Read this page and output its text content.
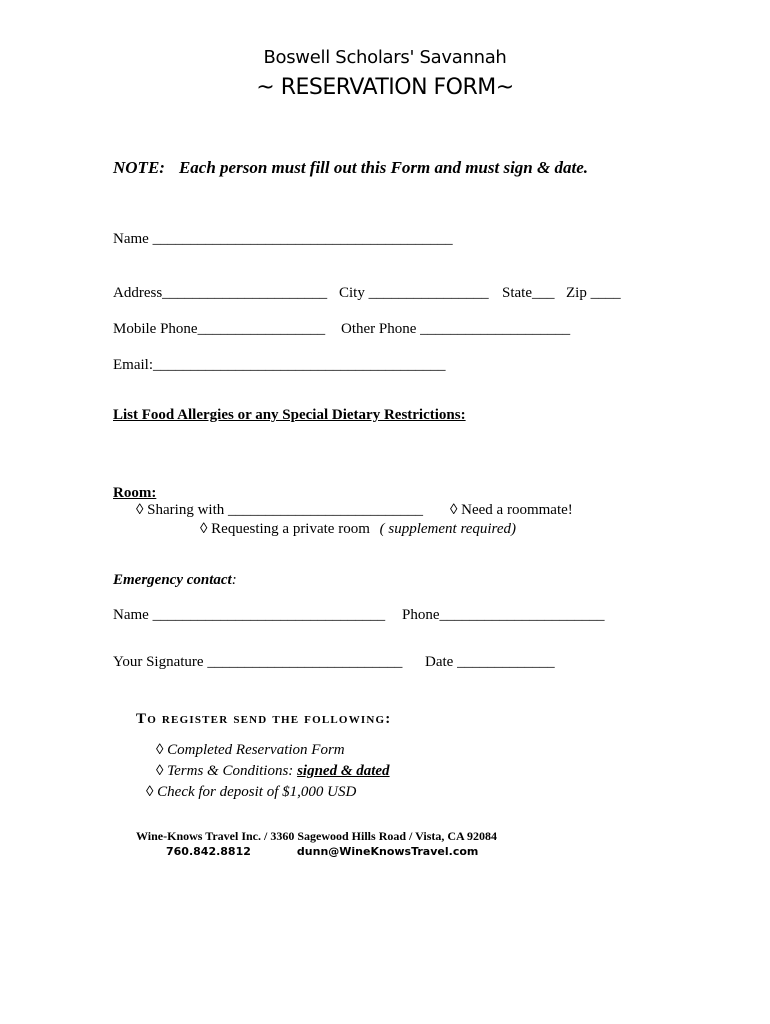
Boswell Scholars' Savannah
~ RESERVATION FORM~
NOTE: Each person must fill out this Form and must sign & date.
Name ________________________________________
Address______________________ City ________________ State___ Zip ____
Mobile Phone_________________ Other Phone ____________________
Email:_______________________________________
List Food Allergies or any Special Dietary Restrictions:
Room:
◊ Sharing with __________________________ ◊ Need a roommate!
◊ Requesting a private room ( supplement required)
Emergency contact:
Name _______________________________ Phone______________________
Your Signature __________________________ Date _____________
To register send the following:
◊ Completed Reservation Form
◊ Terms & Conditions: signed & dated
◊ Check for deposit of $1,000 USD
Wine-Knows Travel Inc. / 3360 Sagewood Hills Road / Vista, CA 92084
760.842.8812	dunn@WineKnowsTravel.com
